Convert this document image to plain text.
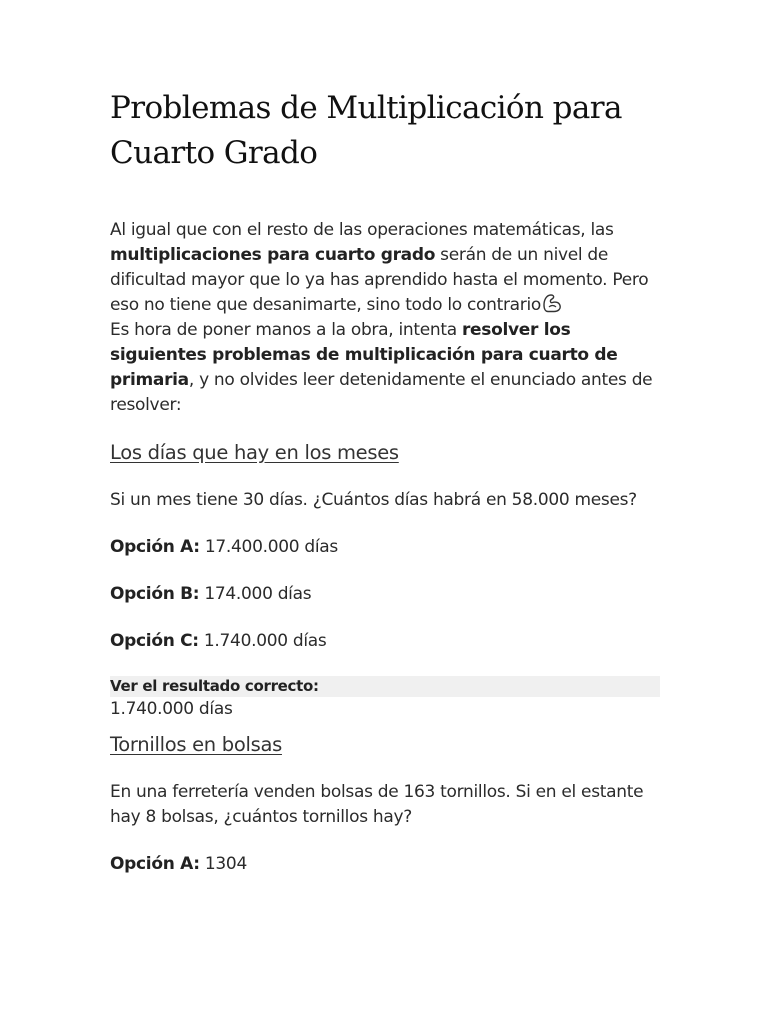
Problemas de Multiplicación para Cuarto Grado

Al igual que con el resto de las operaciones matemáticas, las multiplicaciones para cuarto grado serán de un nivel de dificultad mayor que lo ya has aprendido hasta el momento. Pero eso no tiene que desanimarte, sino todo lo contrario
Es hora de poner manos a la obra, intenta resolver los siguientes problemas de multiplicación para cuarto de primaria, y no olvides leer detenidamente el enunciado antes de resolver:

Los días que hay en los meses

Si un mes tiene 30 días. ¿Cuántos días habrá en 58.000 meses?

Opción A: 17.400.000 días

Opción B: 174.000 días

Opción C: 1.740.000 días

Ver el resultado correcto:
1.740.000 días
Tornillos en bolsas

En una ferretería venden bolsas de 163 tornillos. Si en el estante hay 8 bolsas, ¿cuántos tornillos hay?

Opción A: 1304
